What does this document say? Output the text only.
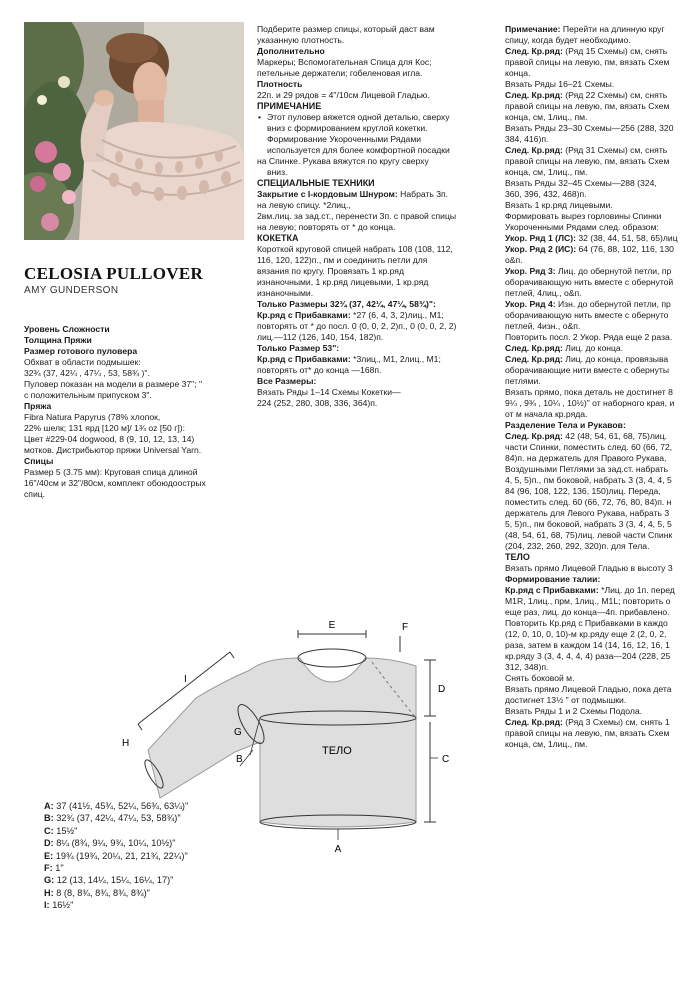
CELOSIA PULLOVER
AMY GUNDERSON

Уровень Сложности

Толщина Пряжи

Размер готового пуловера

Обхват в области подмышек:

32¾ (37, 42¼ , 47¼ , 53, 58¾ )".

Пуловер показан на модели в размере 37"; "

с положительным припуском 3".

Пряжа

Fibra Natura Papyrus (78% хлопок,

22% шелк; 131 ярд [120 м]/ 1¾ oz [50 г]):

Цвет #229-04 dogwood, 8 (9, 10, 12, 13, 14)

мотков. Дистрибьютор пряжи Universal Yarn.

Спицы

Размер 5 (3.75 мм): Круговая спица длиной

16"/40см и 32"/80см, комплект обоюдоострых

спиц.

Подберите размер спицы, который даст вам

указанную плотность.

Дополнительно

Маркеры; Вспомогательная Спица для Кос;

петельные держатели; гобеленовая игла.

Плотность

22п. и 29 рядов = 4"/10см Лицевой Гладью.

ПРИМЕЧАНИЕ

• Этот пуловер вяжется одной деталью, сверху

вниз с формированием круглой кокетки.

Формирование Укороченными Рядами

используется для более комфортной посадки

на Спинке. Рукава вяжутся по кругу сверху

вниз.

СПЕЦИАЛЬНЫЕ ТЕХНИКИ

Закрытие с I-кордовым Шнуром: Набрать 3п.

на левую спицу. *2лиц.,

2вм.лиц. за зад.ст., перенести 3п. с правой спицы

на левую; повторять от * до конца.

КОКЕТКА

Короткой круговой спицей набрать 108 (108, 112,

116, 120, 122)п., пм и соединить петли для

вязания по кругу. Провязать 1 кр.ряд

изнаночными, 1 кр.ряд лицевыми, 1 кр.ряд

изнаночными.

Только Размеры 32¾ (37, 42¼, 47¼, 58¾)":

Кр.ряд с Прибавками: *27 (6, 4, 3, 2)лиц., M1;

повторять от * до посл. 0 (0, 0, 2, 2)п., 0 (0, 0, 2, 2)

лиц.—112 (126, 140, 154, 182)п.

Только Размер 53":

Кр.ряд с Прибавками: *3лиц., M1, 2лиц., M1;

повторять от* до конца —168п.

Все Размеры:

Вязать Ряды 1–14 Схемы Кокетки—

224 (252, 280, 308, 336, 364)п.

Примечание: Перейти на длинную круг

спицу, когда будет необходимо.

След. Кр.ряд: (Ряд 15 Схемы) см, снять

правой спицы на левую, пм, вязать Схем

конца.

Вязать Ряды 16–21 Схемы.

След. Кр.ряд: (Ряд 22 Схемы) см, снять

правой спицы на левую, пм, вязать Схем

конца, см, 1лиц., пм.

Вязать Ряды 23–30 Схемы—256 (288, 320

384, 416)п.

След. Кр.ряд: (Ряд 31 Схемы) см, снять

правой спицы на левую, пм, вязать Схем

конца, см, 1лиц., пм.

Вязать Ряды 32–45 Схемы—288 (324,

360, 396, 432, 468)п.

Вязать 1 кр.ряд лицевыми.

Формировать вырез горловины Спинки

Укороченными Рядами след. образом:

Укор. Ряд 1 (ЛС): 32 (38, 44, 51, 58, 65)лиц

Укор. Ряд 2 (ИС): 64 (76, 88, 102, 116, 130

o&п.

Укор. Ряд 3: Лиц. до обернутой петли, пр

оборачивающую нить вместе с обернутой

петлей, 4лиц., o&п.

Укор. Ряд 4: Изн. до обернутой петли, пр

оборачивающую нить вместе с обернуто

петлей, 4изн., o&п.

Повторить посл. 2 Укор. Ряда еще 2 раза.

След. Кр.ряд: Лиц. до конца.

След. Кр.ряд: Лиц. до конца, провязыва

оборачивающие нити вместе с обернуты

петлями.

Вязать прямо, пока деталь не достигнет 8

9¼ , 9¾ , 10¼ , 10½)" от наборного края, и

от м начала кр.ряда.

Разделение Тела и Рукавов:

След. Кр.ряд: 42 (48, 54, 61, 68, 75)лиц.

части Спинки, поместить след. 60 (66, 72,

84)п. на держатель для Правого Рукава,

Воздушными Петлями за зад.ст. набрать

4, 5, 5)п., пм боковой, набрать 3 (3, 4, 4, 5

84 (96, 108, 122, 136, 150)лиц. Переда,

поместить след. 60 (66, 72, 76, 80, 84)п. н

держатель для Левого Рукава, набрать 3

5, 5)п., пм боковой, набрать 3 (3, 4, 4, 5, 5

(48, 54, 61, 68, 75)лиц. левой части Спинк

(204, 232, 260, 292, 320)п. для Тела.

ТЕЛО

Вязать прямо Лицевой Гладью в высоту 3

Формирование талии:

Кр.ряд с Прибавками: *Лиц. до 1п. перед

M1R, 1лиц., прм, 1лиц., M1L; повторить о

еще раз, лиц. до конца—4п. прибавлено.

Повторить Кр.ряд с Прибавками в каждо

(12, 0, 10, 0, 10)-м кр.ряду еще 2 (2, 0, 2,

раза, затем в каждом 14 (14, 16, 12, 16, 1

кр.ряду 3 (3, 4, 4, 4, 4) раза—204 (228, 25

312, 348)п.

Снять боковой м.

Вязать прямо Лицевой Гладью, пока дета

достигнет 13½ " от подмышки.

Вязать Ряды 1 и 2 Схемы Подола.

След. Кр.ряд: (Ряд 3 Схемы) см, снять 1

правой спицы на левую, пм, вязать Схем

конца, см, 1лиц., пм.

E	F
D
C
A
B
G
H
I
ТЕЛО

A: 37 (41½, 45¾, 52¼, 56¾, 63¼)"

B: 32¾ (37, 42¼, 47¼, 53, 58¾)"

C: 15½"

D: 8¼ (8¾, 9¼, 9¾, 10¼, 10½)"

E: 19¾ (19¾, 20¼, 21, 21¾, 22¼)"

F: 1"

G: 12 (13, 14¼, 15¼, 16¼, 17)"

H: 8 (8, 8¾, 8¾, 8¾, 8¾)"

I: 16½"
